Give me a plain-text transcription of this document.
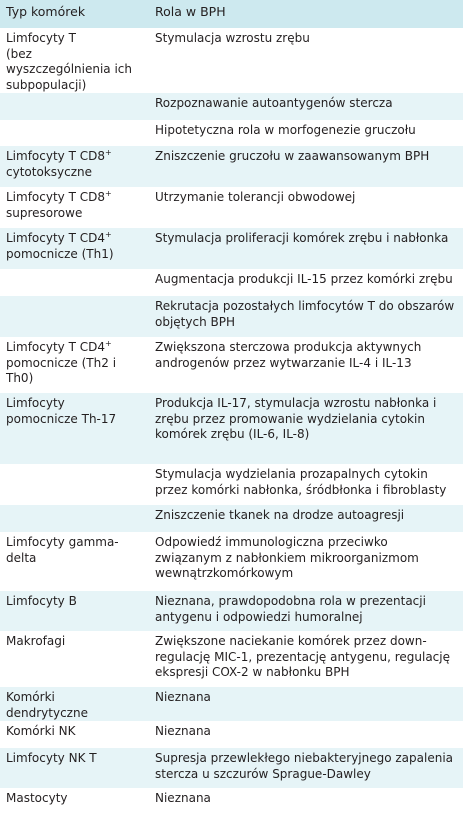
Typ komórek	Rola w BPH

Limfocyty T
(bez wyszczególnienia ich subpopulacji)	Stymulacja wzrostu zrębu

	Rozpoznawanie autoantygenów stercza

	Hipotetyczna rola w morfogenezie gruczołu

Limfocyty T CD8+ cytotoksyczne	Zniszczenie gruczołu w zaawansowanym BPH

Limfocyty T CD8+ supresorowe	Utrzymanie tolerancji obwodowej

Limfocyty T CD4+ pomocnicze (Th1)	Stymulacja proliferacji komórek zrębu i nabłonka

	Augmentacja produkcji IL-15 przez komórki zrębu

	Rekrutacja pozostałych limfocytów T do obszarów objętych BPH

Limfocyty T CD4+ pomocnicze (Th2 i Th0)	Zwiększona sterczowa produkcja aktywnych androgenów przez wytwarzanie IL-4 i IL-13

Limfocyty pomocnicze Th-17	Produkcja IL-17, stymulacja wzrostu nabłonka i zrębu przez promowanie wydzielania cytokin komórek zrębu (IL-6, IL-8)

	Stymulacja wydzielania prozapalnych cytokin przez komórki nabłonka, śródbłonka i fibroblasty

	Zniszczenie tkanek na drodze autoagresji

Limfocyty gamma-delta	Odpowiedź immunologiczna przeciwko związanym z nabłonkiem mikroorganizmom wewnątrzkomórkowym

Limfocyty B	Nieznana, prawdopodobna rola w prezentacji antygenu i odpowiedzi humoralnej

Makrofagi	Zwiększone naciekanie komórek przez down-regulację MIC-1, prezentację antygenu, regulację ekspresji COX-2 w nabłonku BPH

Komórki dendrytyczne	Nieznana

Komórki NK	Nieznana

Limfocyty NK T	Supresja przewlekłego niebakteryjnego zapalenia stercza u szczurów Sprague-Dawley

Mastocyty	Nieznana
